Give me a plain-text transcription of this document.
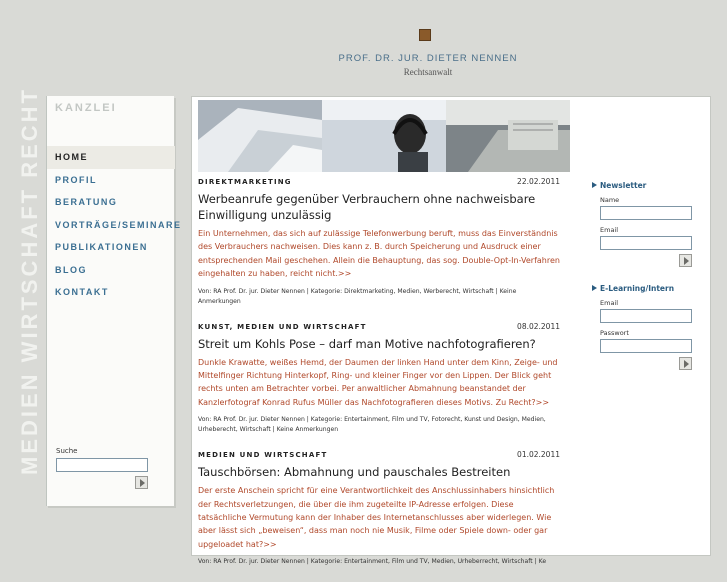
PROF. DR. JUR. DIETER NENNEN
Rechtsanwalt
MEDIEN WIRTSCHAFT RECHT KANZLEI
HOME
PROFIL
BERATUNG
VORTRÄGE/SEMINARE
PUBLIKATIONEN
BLOG
KONTAKT
Suche
DIREKTMARKETING	22.02.2011
Werbeanrufe gegenüber Verbrauchern ohne nachweisbare Einwilligung unzulässig
Ein Unternehmen, das sich auf zulässige Telefonwerbung beruft, muss das Einverständnis des Verbrauchers nachweisen. Dies kann z. B. durch Speicherung und Ausdruck einer entsprechenden Mail geschehen. Allein die Behauptung, das sog. Double-Opt-In-Verfahren eingehalten zu haben, reicht nicht.>>
Von: RA Prof. Dr. jur. Dieter Nennen | Kategorie: Direktmarketing, Medien, Werberecht, Wirtschaft | Keine Anmerkungen
KUNST, MEDIEN UND WIRTSCHAFT	08.02.2011
Streit um Kohls Pose – darf man Motive nachfotografieren?
Dunkle Krawatte, weißes Hemd, der Daumen der linken Hand unter dem Kinn, Zeige- und Mittelfinger Richtung Hinterkopf, Ring- und kleiner Finger vor den Lippen. Der Blick geht rechts unten am Betrachter vorbei. Per anwaltlicher Abmahnung beanstandet der Kanzlerfotograf Konrad Rufus Müller das Nachfotografieren dieses Motivs. Zu Recht?>>
Von: RA Prof. Dr. jur. Dieter Nennen | Kategorie: Entertainment, Film und TV, Fotorecht, Kunst und Design, Medien, Urheberecht, Wirtschaft | Keine Anmerkungen
MEDIEN UND WIRTSCHAFT	01.02.2011
Tauschbörsen: Abmahnung und pauschales Bestreiten
Der erste Anschein spricht für eine Verantwortlichkeit des Anschlussinhabers hinsichtlich der Rechtsverletzungen, die über die ihm zugeteilte IP-Adresse erfolgen. Diese tatsächliche Vermutung kann der Inhaber des Internetanschlusses aber widerlegen. Wie aber lässt sich „beweisen“, dass man noch nie Musik, Filme oder Spiele down- oder gar upgeloadet hat?>>
Von: RA Prof. Dr. jur. Dieter Nennen | Kategorie: Entertainment, Film und TV, Medien, Urheberrecht, Wirtschaft | Ke
Newsletter
Name
Email
E-Learning/Intern
Email
Passwort
